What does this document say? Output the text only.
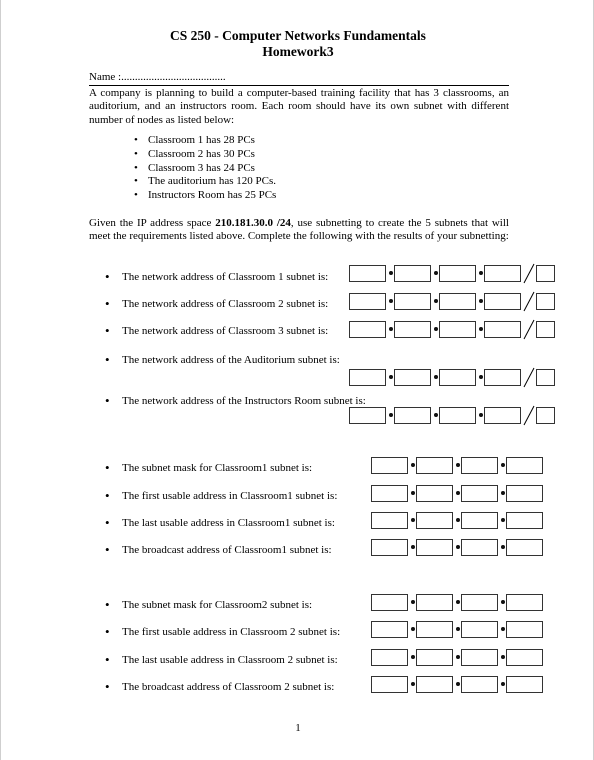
CS 250 - Computer Networks Fundamentals
Homework3
Name :......................................
A company is planning to build a computer-based training facility that has 3 classrooms, an auditorium, and an instructors room. Each room should have its own subnet with different number of nodes as listed below:
• Classroom 1 has 28 PCs
• Classroom 2 has 30 PCs
• Classroom 3 has 24 PCs
• The auditorium has 120 PCs.
• Instructors Room has 25 PCs
Given the IP address space 210.181.30.0 /24, use subnetting to create the 5 subnets that will meet the requirements listed above. Complete the following with the results of your subnetting:
• The network address of Classroom 1 subnet is:
• The network address of Classroom 2 subnet is:
• The network address of Classroom 3 subnet is:
• The network address of the Auditorium subnet is:
• The network address of the Instructors Room subnet is:
• The subnet mask for Classroom1 subnet is:
• The first usable address in Classroom1 subnet is:
• The last usable address in Classroom1 subnet is:
• The broadcast address of Classroom1 subnet is:
• The subnet mask for Classroom2 subnet is:
• The first usable address in Classroom 2 subnet is:
• The last usable address in Classroom 2 subnet is:
• The broadcast address of Classroom 2 subnet is:
1
